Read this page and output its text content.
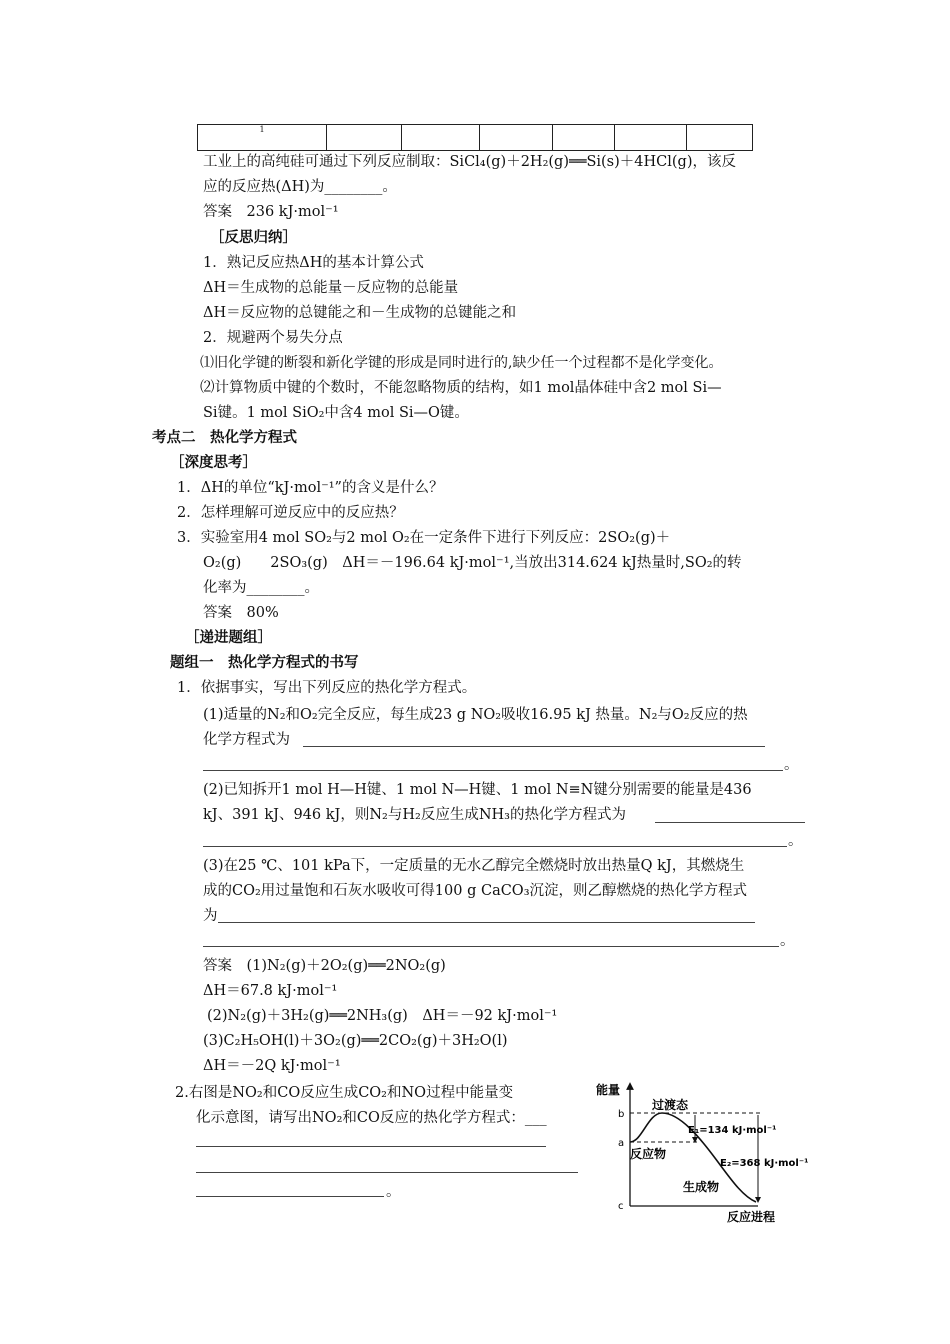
1						
工业上的高纯硅可通过下列反应制取：SiCl₄(g)＋2H₂(g)══Si(s)＋4HCl(g)，该反
应的反应热(ΔH)为________。
答案　236 kJ·mol⁻¹
［反思归纳］
1．熟记反应热ΔH的基本计算公式
ΔH＝生成物的总能量－反应物的总能量
ΔH＝反应物的总键能之和－生成物的总键能之和
2．规避两个易失分点
⑴旧化学键的断裂和新化学键的形成是同时进行的,缺少任一个过程都不是化学变化。
⑵计算物质中键的个数时，不能忽略物质的结构，如1 mol晶体硅中含2 mol Si—
Si键。1 mol SiO₂中含4 mol Si—O键。
考点二　热化学方程式
［深度思考］
1．ΔH的单位“kJ·mol⁻¹”的含义是什么？
2．怎样理解可逆反应中的反应热？
3．实验室用4 mol SO₂与2 mol O₂在一定条件下进行下列反应：2SO₂(g)＋
O₂(g)　　2SO₃(g)　ΔH＝－196.64 kJ·mol⁻¹,当放出314.624 kJ热量时,SO₂的转
化率为________。
答案　80%
［递进题组］
题组一　热化学方程式的书写
1．依据事实，写出下列反应的热化学方程式。
(1)适量的N₂和O₂完全反应，每生成23 g NO₂吸收16.95 kJ 热量。N₂与O₂反应的热
化学方程式为
。
(2)已知拆开1 mol H—H键、1 mol N—H键、1 mol N≡N键分别需要的能量是436
kJ、391 kJ、946 kJ，则N₂与H₂反应生成NH₃的热化学方程式为
。
(3)在25 ℃、101 kPa下，一定质量的无水乙醇完全燃烧时放出热量Q kJ，其燃烧生
成的CO₂用过量饱和石灰水吸收可得100 g CaCO₃沉淀，则乙醇燃烧的热化学方程式
为
。
答案　(1)N₂(g)＋2O₂(g)══2NO₂(g)
ΔH＝67.8 kJ·mol⁻¹
(2)N₂(g)＋3H₂(g)══2NH₃(g)　ΔH＝－92 kJ·mol⁻¹
(3)C₂H₅OH(l)＋3O₂(g)══2CO₂(g)＋3H₂O(l)
ΔH＝－2Q kJ·mol⁻¹
2.右图是NO₂和CO反应生成CO₂和NO过程中能量变
化示意图，请写出NO₂和CO反应的热化学方程式：___
。
能量
b
a
c
过渡态
反应物
生成物
E₁=134 kJ·mol⁻¹
E₂=368 kJ·mol⁻¹
反应进程
